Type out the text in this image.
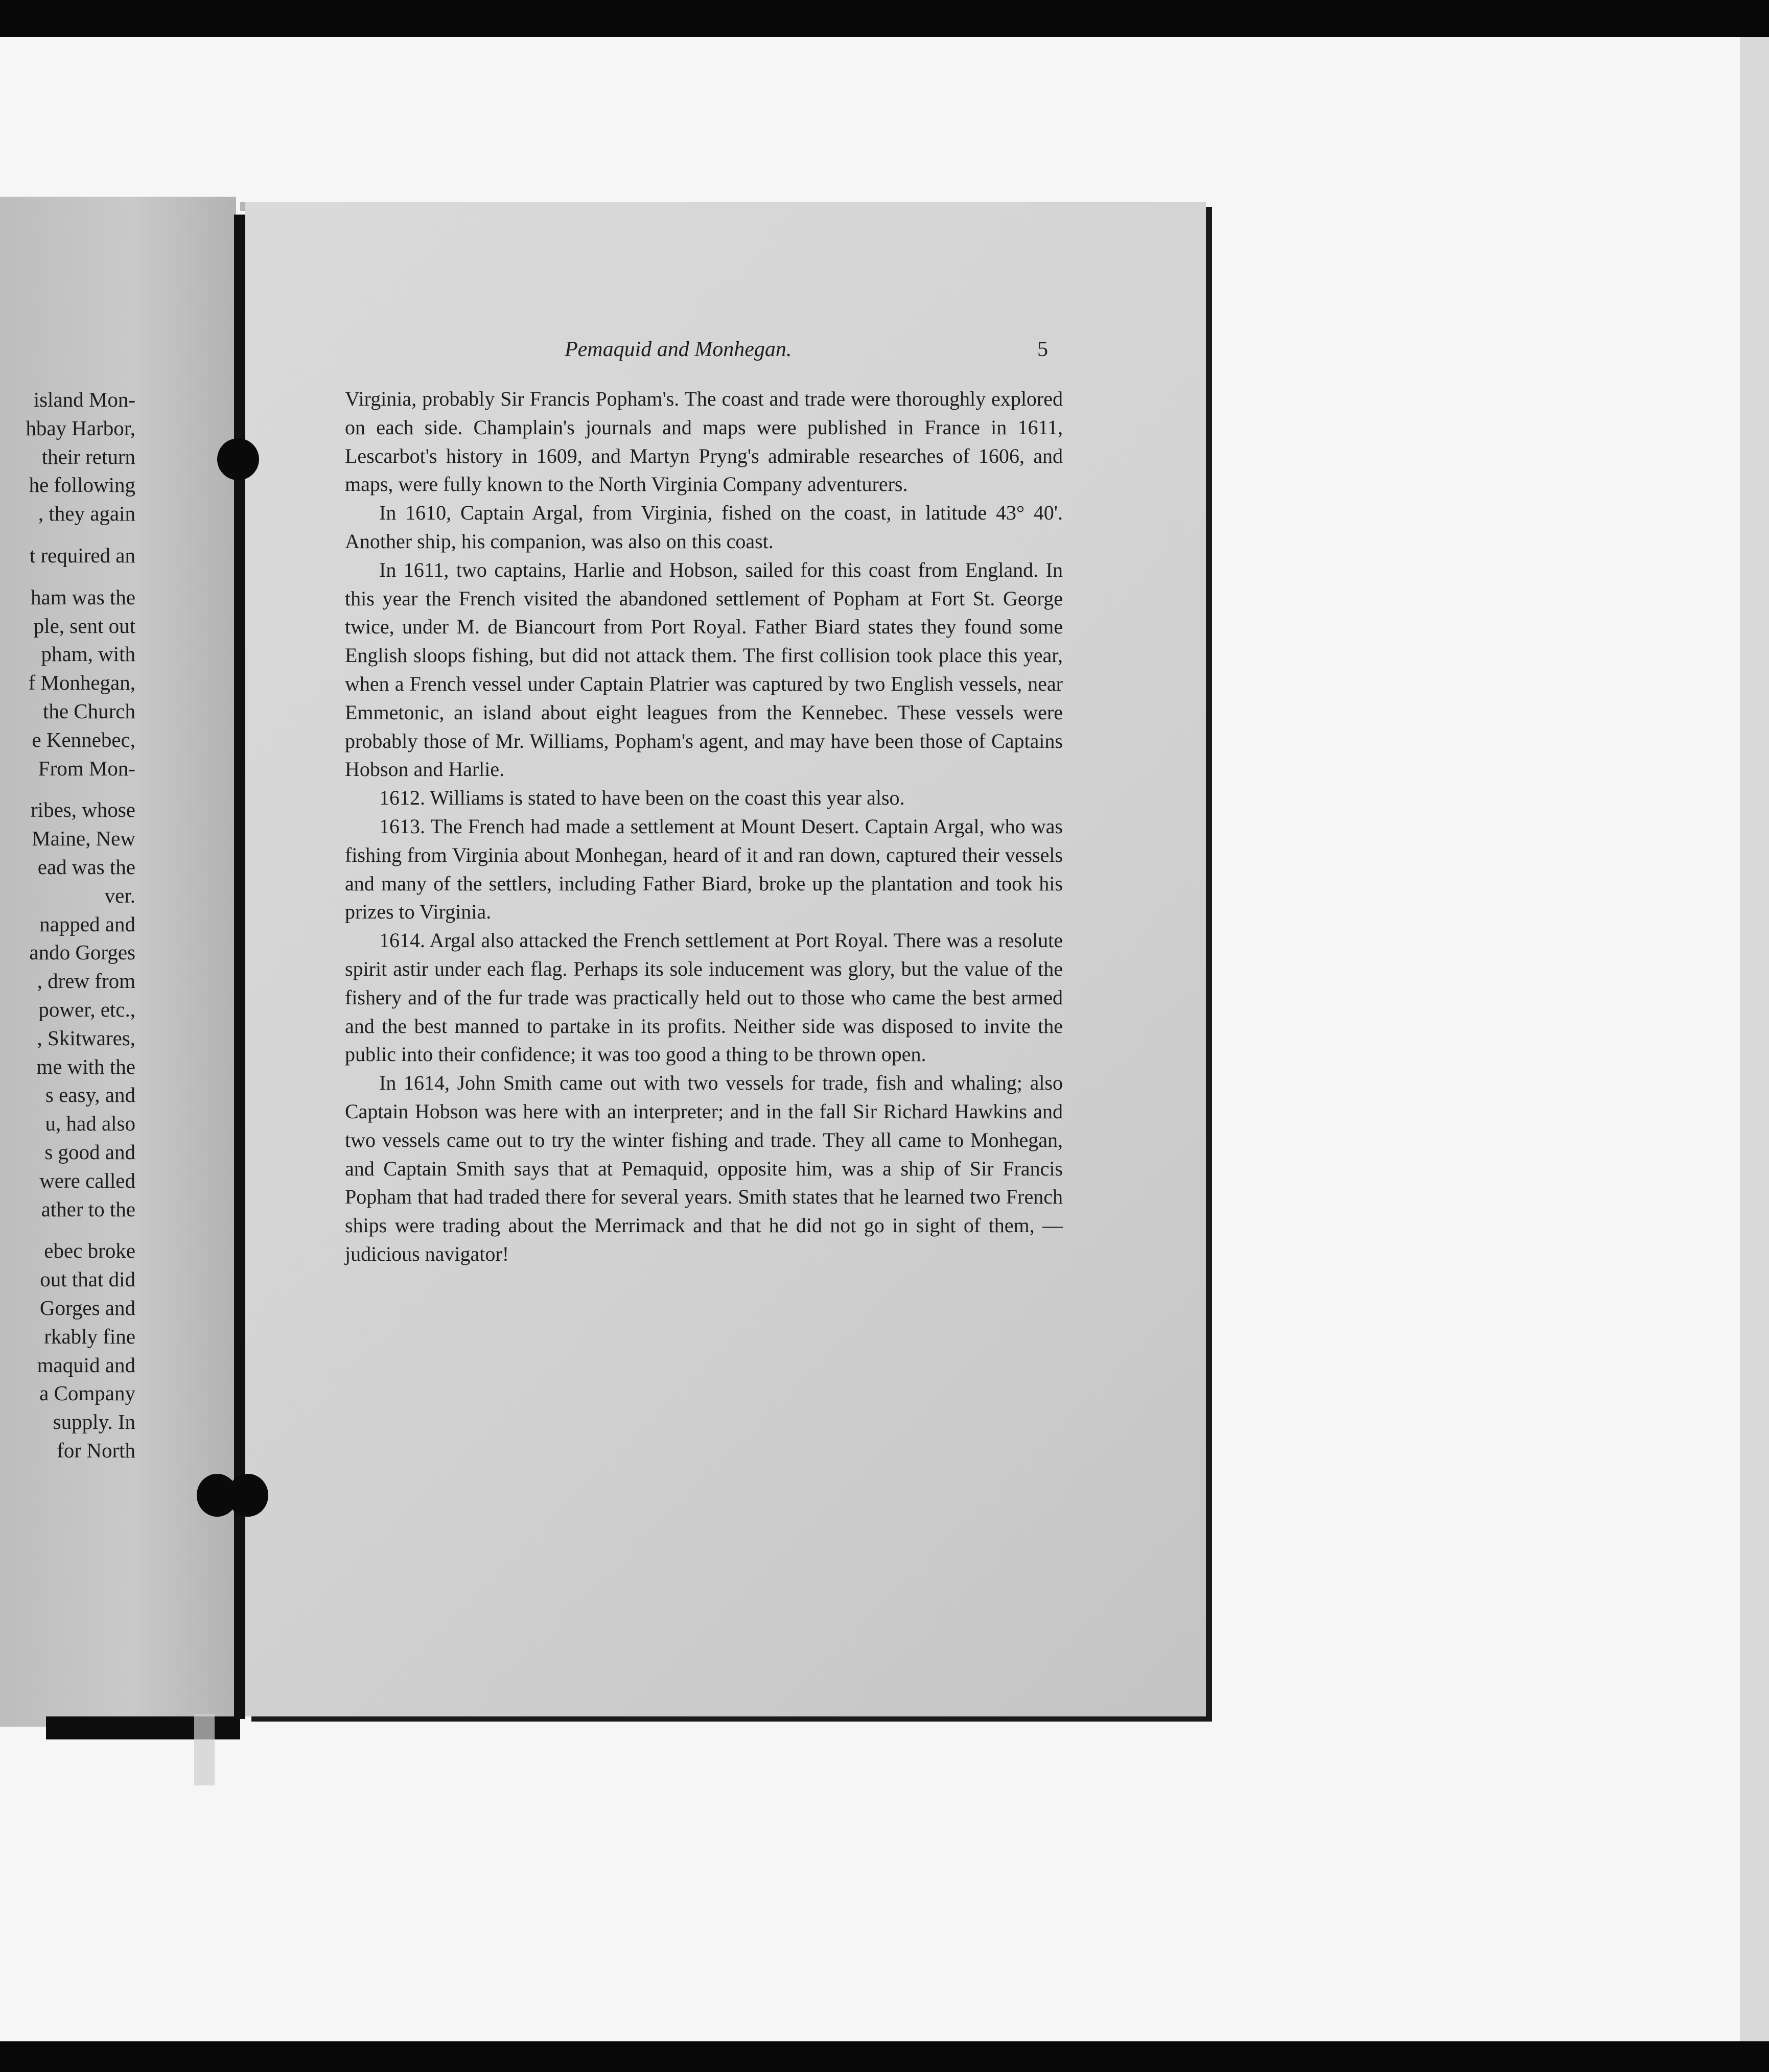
island Mon-
hbay Harbor,
their return
he following
, they again
t required an
ham was the
ple, sent out
pham, with
f Monhegan,
the Church
e Kennebec,
From Mon-
ribes, whose
Maine, New
ead was the
ver.
napped and
ando Gorges
, drew from
power, etc.,
, Skitwares,
me with the
s easy, and
u, had also
s good and
were called
ather to the
ebec broke
out that did
Gorges and
rkably fine
maquid and
a Company
supply. In
for North
Pemaquid and Monhegan.	5

Virginia, probably Sir Francis Popham's. The coast and trade were thoroughly explored on each side. Champlain's journals and maps were published in France in 1611, Lescarbot's history in 1609, and Martyn Pryng's admirable researches of 1606, and maps, were fully known to the North Virginia Company adventurers.

In 1610, Captain Argal, from Virginia, fished on the coast, in latitude 43° 40'. Another ship, his companion, was also on this coast.

In 1611, two captains, Harlie and Hobson, sailed for this coast from England. In this year the French visited the abandoned settlement of Popham at Fort St. George twice, under M. de Biancourt from Port Royal. Father Biard states they found some English sloops fishing, but did not attack them. The first collision took place this year, when a French vessel under Captain Platrier was captured by two English vessels, near Emmetonic, an island about eight leagues from the Kennebec. These vessels were probably those of Mr. Williams, Popham's agent, and may have been those of Captains Hobson and Harlie.

1612. Williams is stated to have been on the coast this year also.

1613. The French had made a settlement at Mount Desert. Captain Argal, who was fishing from Virginia about Monhegan, heard of it and ran down, captured their vessels and many of the settlers, including Father Biard, broke up the plantation and took his prizes to Virginia.

1614. Argal also attacked the French settlement at Port Royal. There was a resolute spirit astir under each flag. Perhaps its sole inducement was glory, but the value of the fishery and of the fur trade was practically held out to those who came the best armed and the best manned to partake in its profits. Neither side was disposed to invite the public into their confidence; it was too good a thing to be thrown open.

In 1614, John Smith came out with two vessels for trade, fish and whaling; also Captain Hobson was here with an interpreter; and in the fall Sir Richard Hawkins and two vessels came out to try the winter fishing and trade. They all came to Monhegan, and Captain Smith says that at Pemaquid, opposite him, was a ship of Sir Francis Popham that had traded there for several years. Smith states that he learned two French ships were trading about the Merrimack and that he did not go in sight of them, — judicious navigator!
